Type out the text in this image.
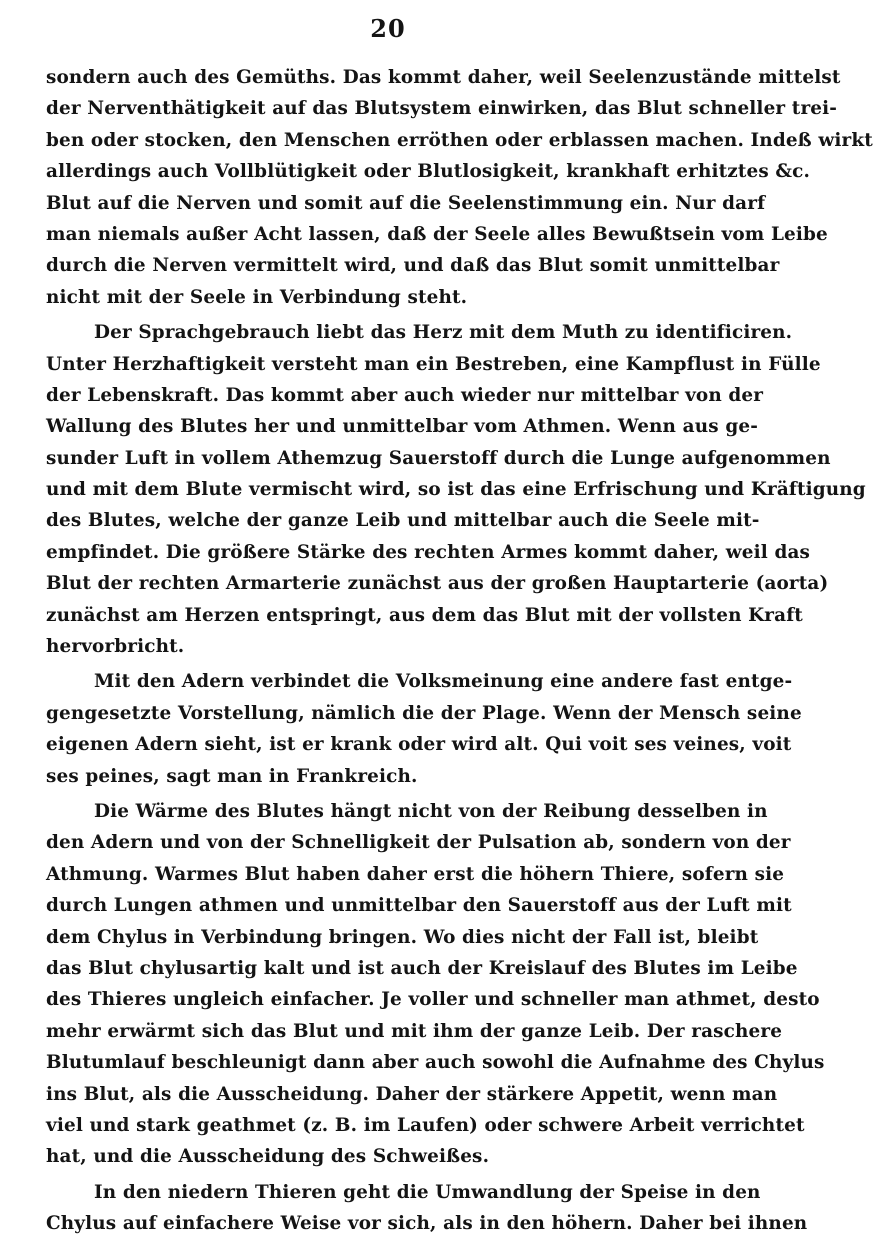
20
sondern auch des Gemüths. Das kommt daher, weil Seelenzustände mittelst
der Nerventhätigkeit auf das Blutsystem einwirken, das Blut schneller trei-
ben oder stocken, den Menschen erröthen oder erblassen machen. Indeß wirkt
allerdings auch Vollblütigkeit oder Blutlosigkeit, krankhaft erhitztes &c.
Blut auf die Nerven und somit auf die Seelenstimmung ein. Nur darf
man niemals außer Acht lassen, daß der Seele alles Bewußtsein vom Leibe
durch die Nerven vermittelt wird, und daß das Blut somit unmittelbar
nicht mit der Seele in Verbindung steht.
Der Sprachgebrauch liebt das Herz mit dem Muth zu identificiren.
Unter Herzhaftigkeit versteht man ein Bestreben, eine Kampflust in Fülle
der Lebenskraft. Das kommt aber auch wieder nur mittelbar von der
Wallung des Blutes her und unmittelbar vom Athmen. Wenn aus ge-
sunder Luft in vollem Athemzug Sauerstoff durch die Lunge aufgenommen
und mit dem Blute vermischt wird, so ist das eine Erfrischung und Kräftigung
des Blutes, welche der ganze Leib und mittelbar auch die Seele mit-
empfindet. Die größere Stärke des rechten Armes kommt daher, weil das
Blut der rechten Armarterie zunächst aus der großen Hauptarterie (aorta)
zunächst am Herzen entspringt, aus dem das Blut mit der vollsten Kraft
hervorbricht.
Mit den Adern verbindet die Volksmeinung eine andere fast entge-
gengesetzte Vorstellung, nämlich die der Plage. Wenn der Mensch seine
eigenen Adern sieht, ist er krank oder wird alt. Qui voit ses veines, voit
ses peines, sagt man in Frankreich.
Die Wärme des Blutes hängt nicht von der Reibung desselben in
den Adern und von der Schnelligkeit der Pulsation ab, sondern von der
Athmung. Warmes Blut haben daher erst die höhern Thiere, sofern sie
durch Lungen athmen und unmittelbar den Sauerstoff aus der Luft mit
dem Chylus in Verbindung bringen. Wo dies nicht der Fall ist, bleibt
das Blut chylusartig kalt und ist auch der Kreislauf des Blutes im Leibe
des Thieres ungleich einfacher. Je voller und schneller man athmet, desto
mehr erwärmt sich das Blut und mit ihm der ganze Leib. Der raschere
Blutumlauf beschleunigt dann aber auch sowohl die Aufnahme des Chylus
ins Blut, als die Ausscheidung. Daher der stärkere Appetit, wenn man
viel und stark geathmet (z. B. im Laufen) oder schwere Arbeit verrichtet
hat, und die Ausscheidung des Schweißes.
In den niedern Thieren geht die Umwandlung der Speise in den
Chylus auf einfachere Weise vor sich, als in den höhern. Daher bei ihnen
